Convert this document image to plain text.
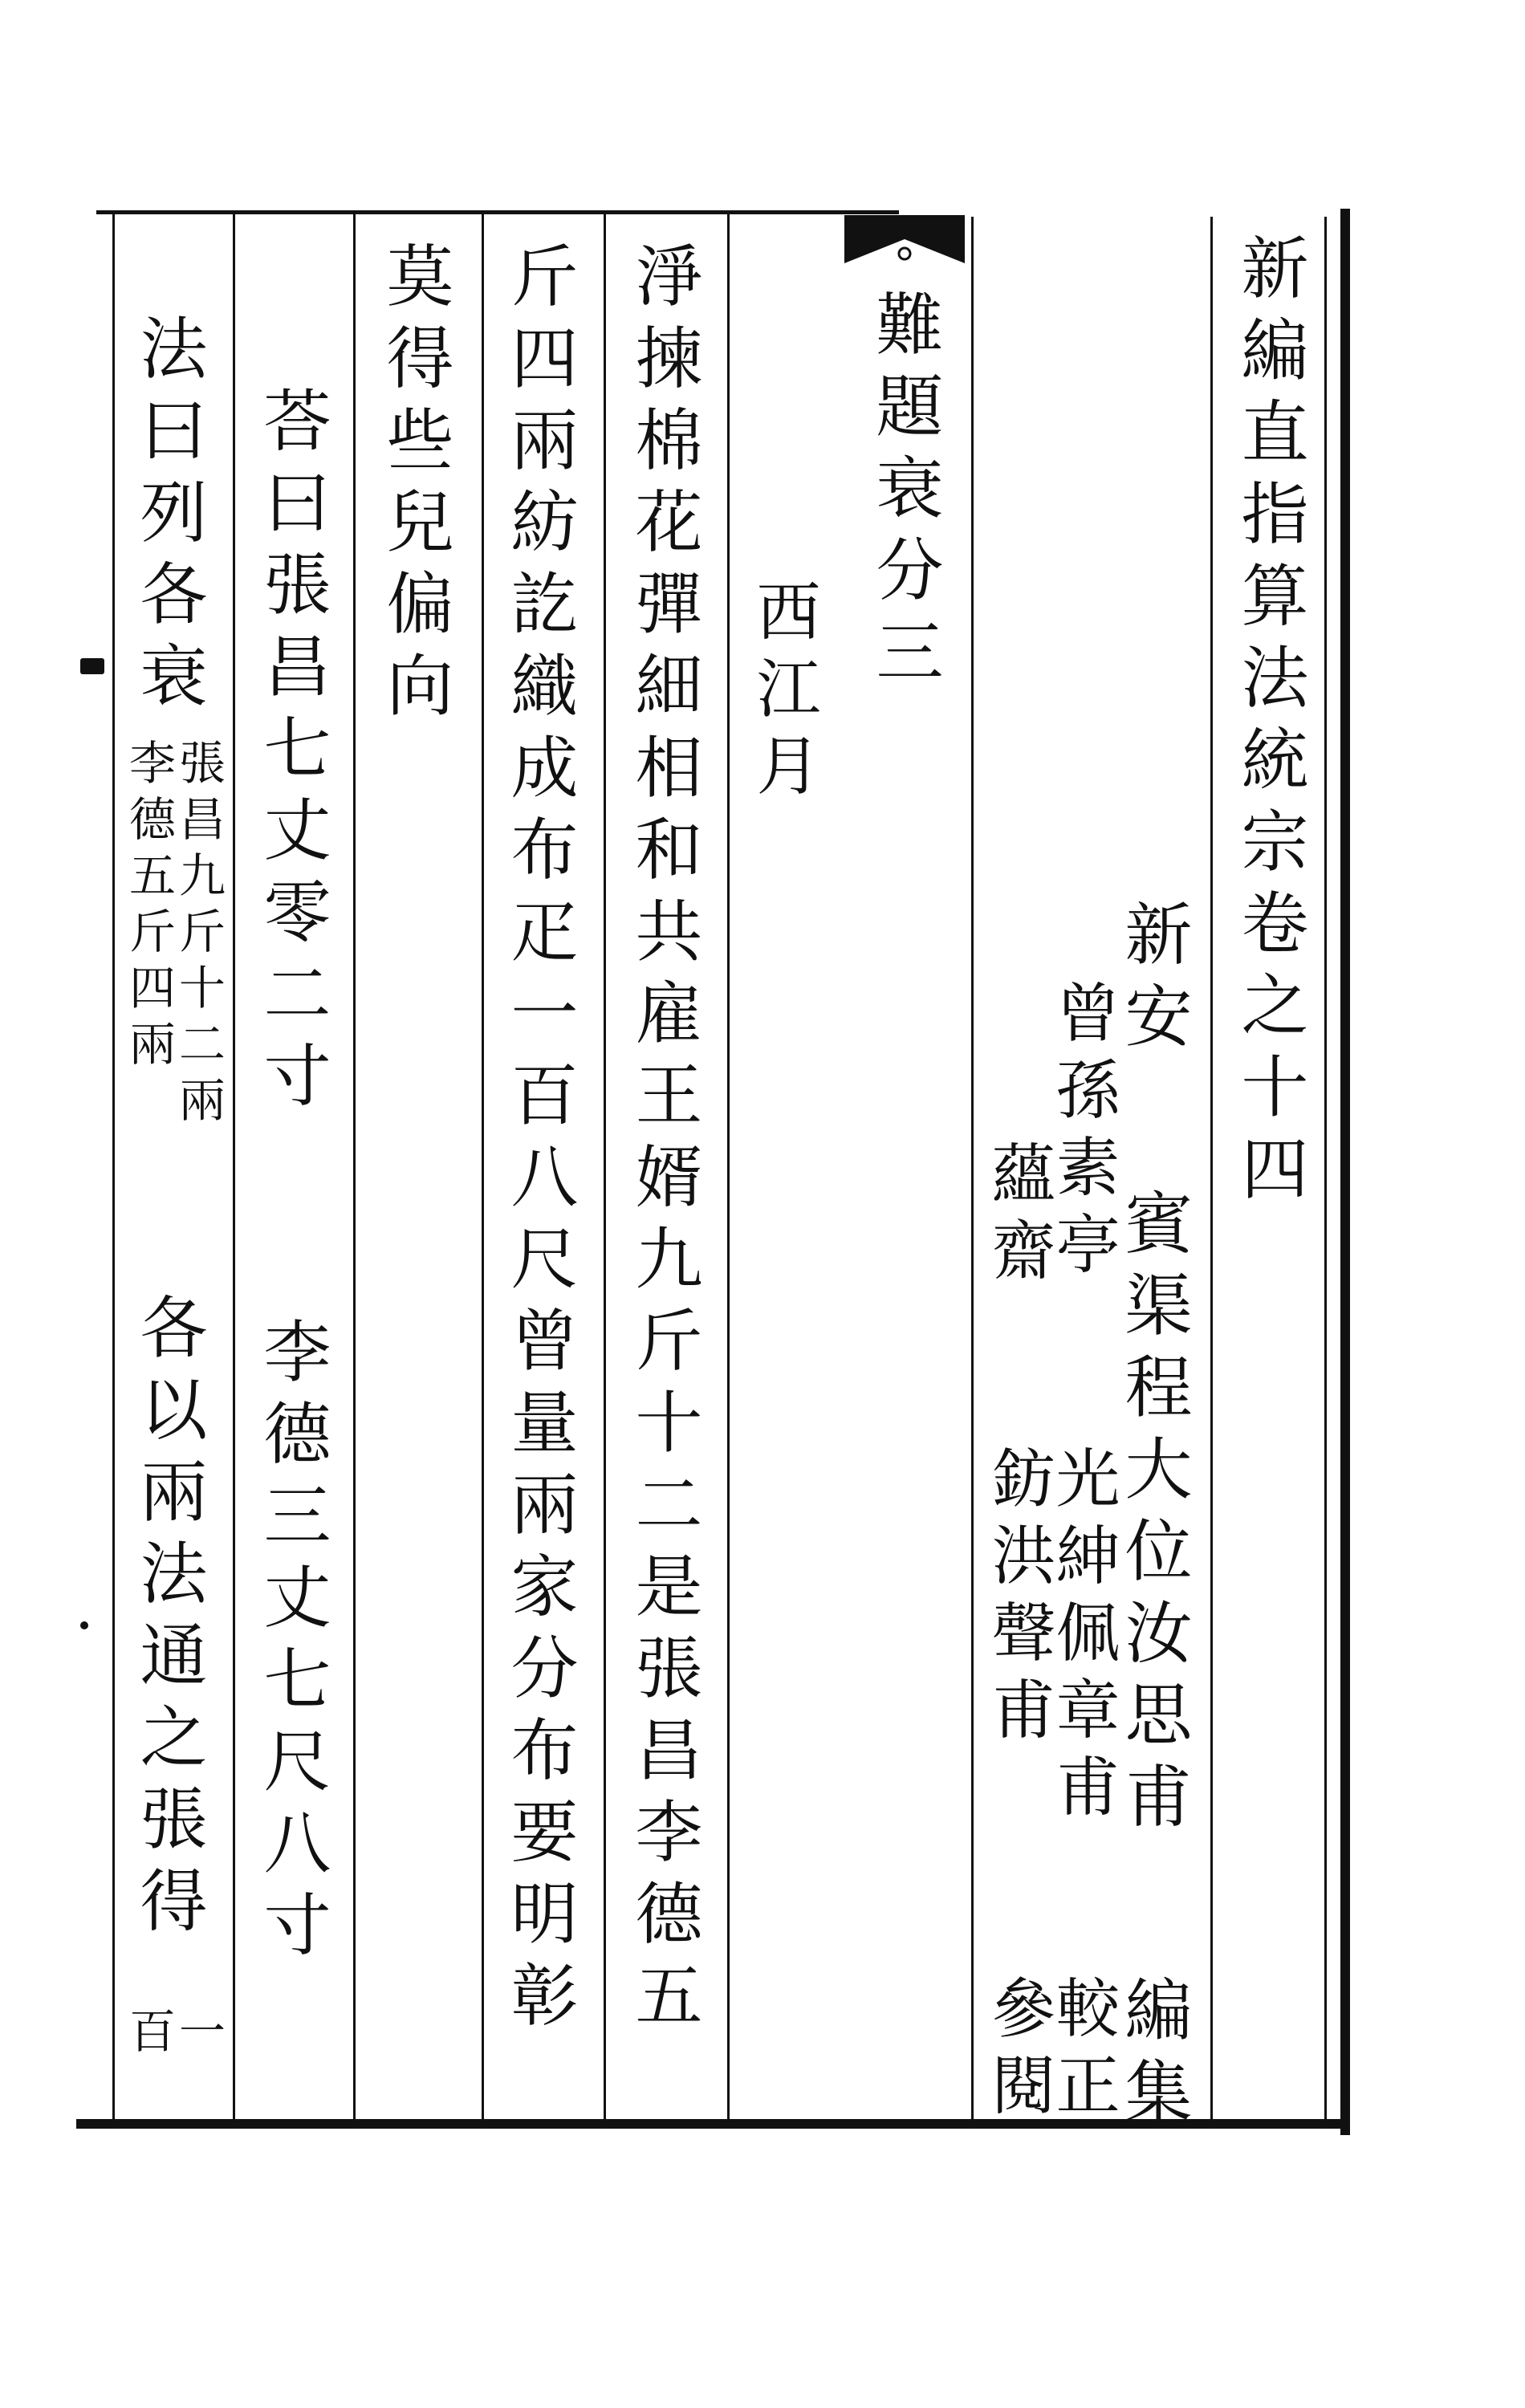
新編直指算法統宗卷之十四
新安
賓渠程大位汝思甫
編集
曾孫素亭
光紳佩章甫
較正
蘊齋
鈁洪聲甫
參閱
難題衰分三
西江月
淨揀棉花彈細相和共雇王婿九斤十二是張昌李德五
斤四兩紡訖織成布疋一百八尺曾量兩家分布要明彰
莫得些兒偏向
荅曰張昌七丈零二寸
李德三丈七尺八寸
法曰列各衰
張昌九斤十二兩
李德五斤四兩
各以兩法通之張得
一
百
